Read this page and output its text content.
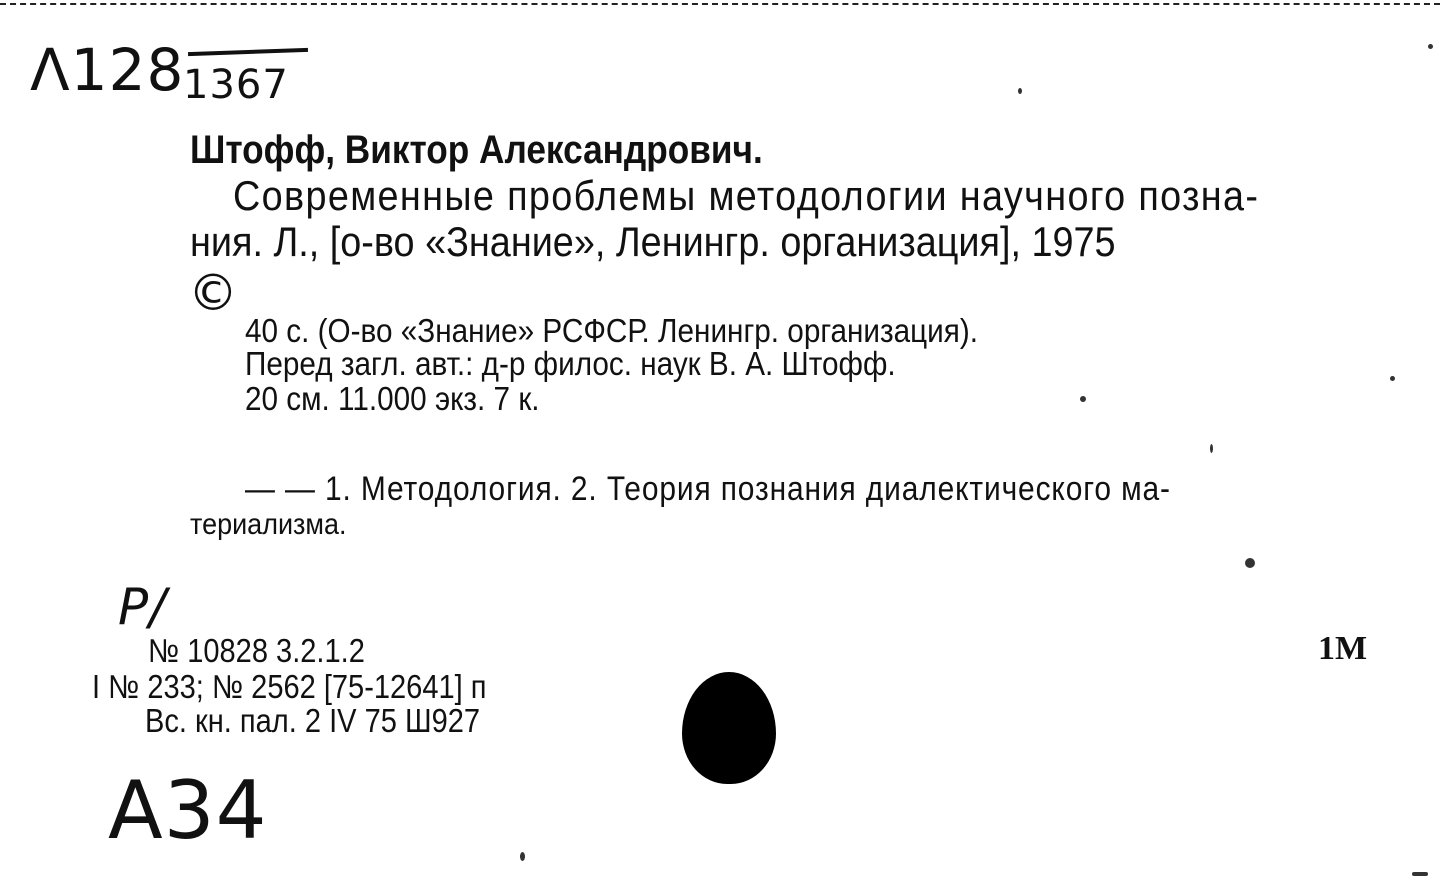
Λ128
1367
Штофф, Виктор Александрович.
Современные проблемы методологии научного позна-
ния. Л., [о-во «Знание», Ленингр. организация], 1975
©
40 с. (О-во «Знание» РСФСР. Ленингр. организация).
Перед загл. авт.: д-р филос. наук В. А. Штофф.
20 см. 11.000 экз. 7 к.
— — 1. Методология. 2. Теория познания диалектического ма-
териализма.
P/
№ 10828 3.2.1.2
I № 233; № 2562 [75-12641] п
Вс. кн. пал. 2 IV 75 Ш927
1М
А34
